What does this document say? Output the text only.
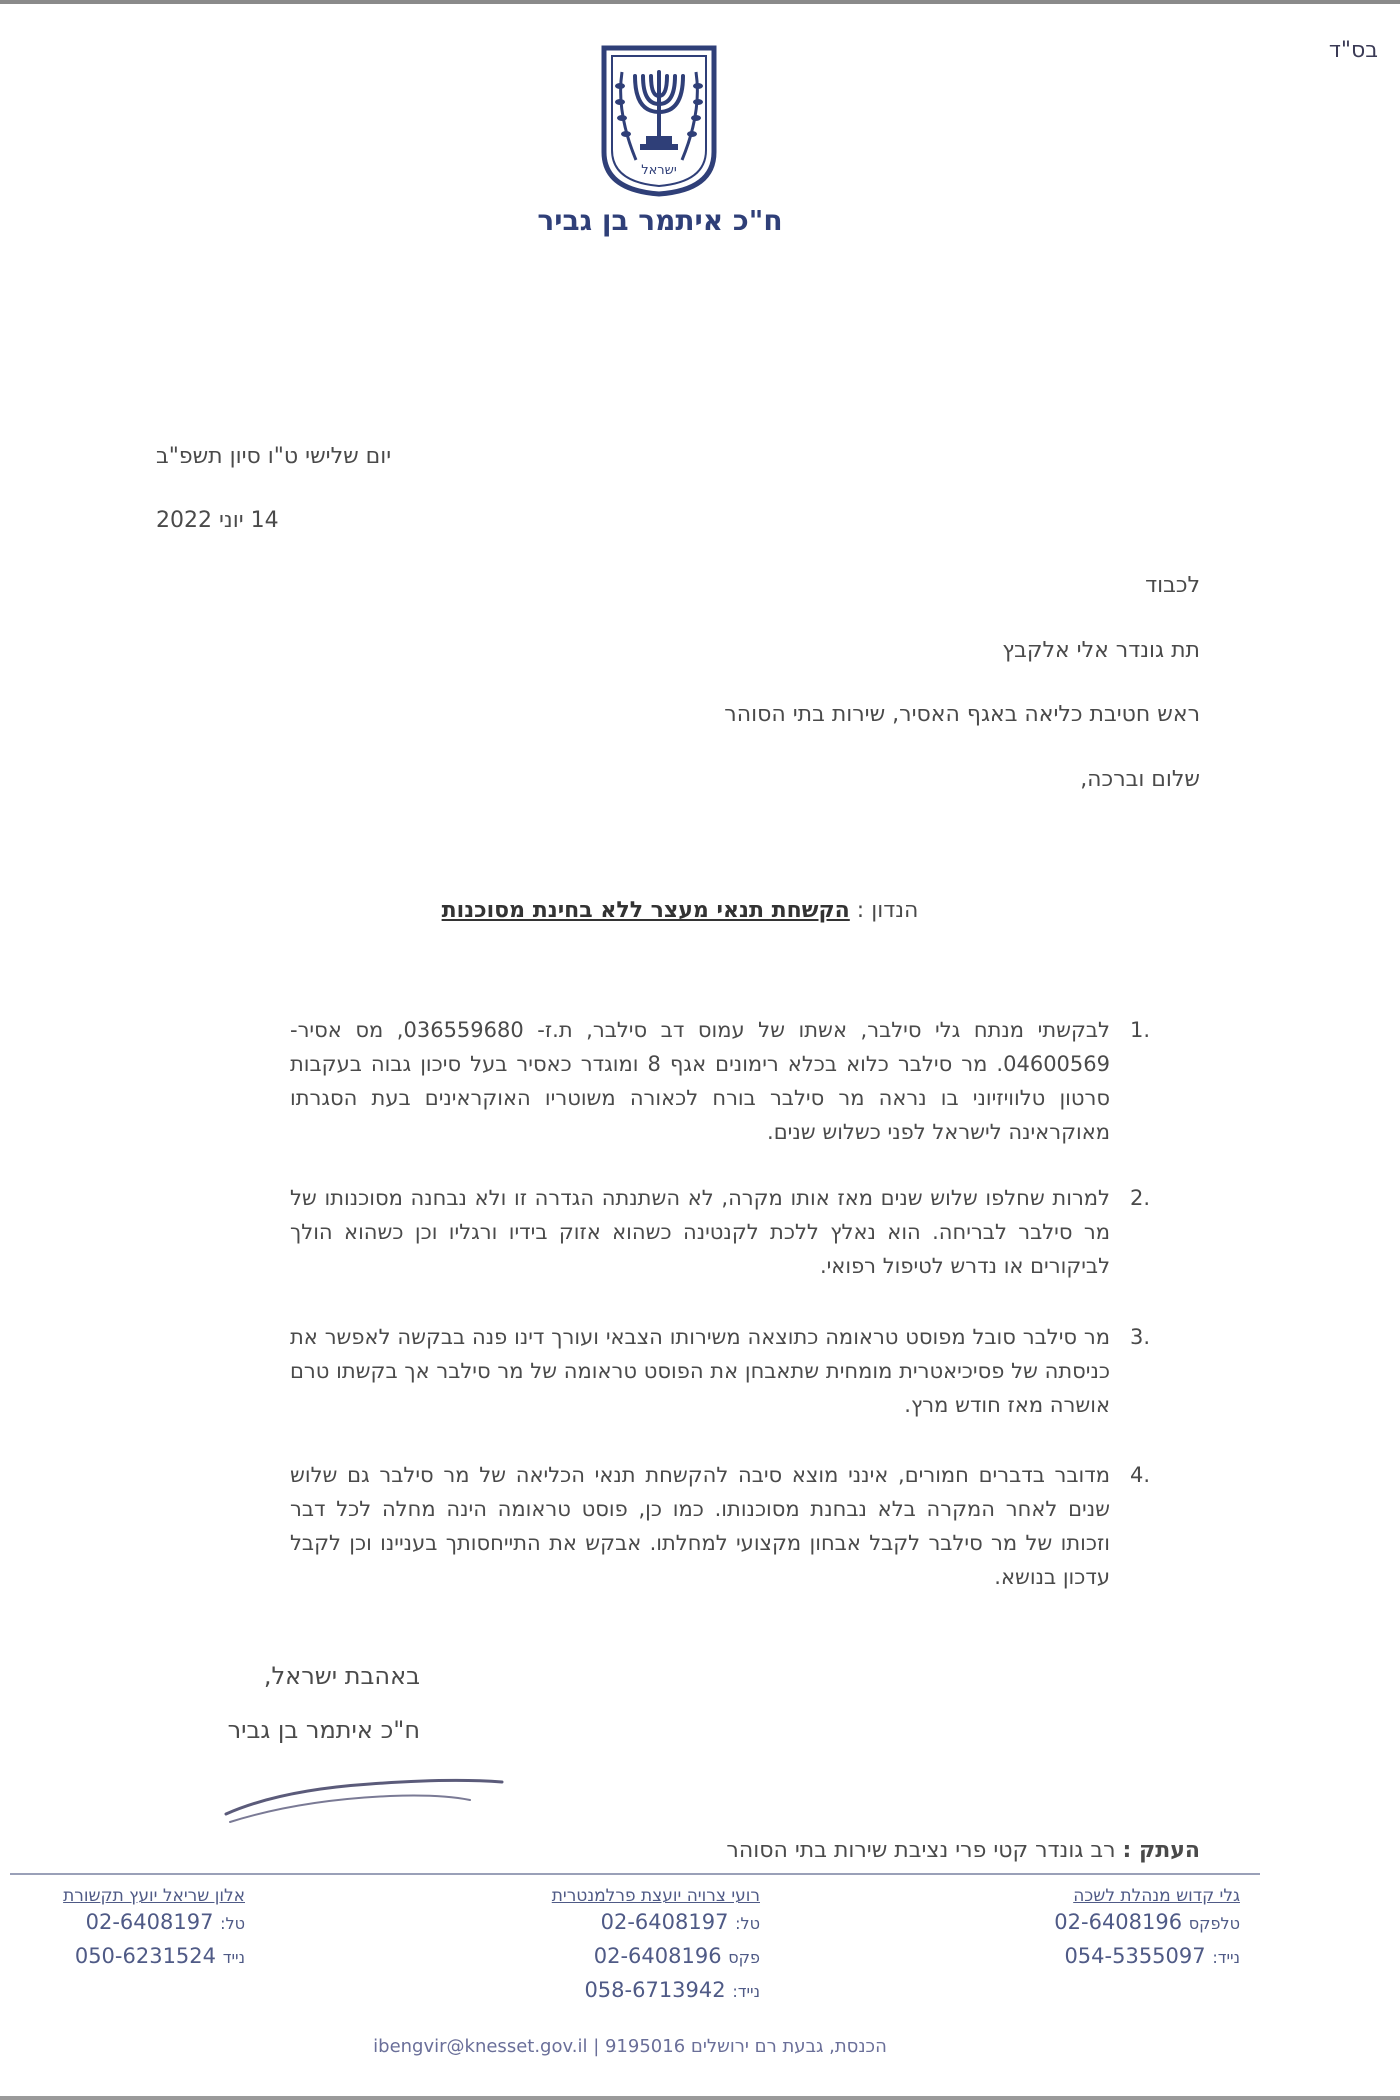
בס"ד
ישראל
ח"כ איתמר בן גביר
יום שלישי ט"ו סיון תשפ"ב
14 יוני 2022
לכבוד
תת גונדר אלי אלקבץ
ראש חטיבת כליאה באגף האסיר, שירות בתי הסוהר
שלום וברכה,
הנדון : הקשחת תנאי מעצר ללא בחינת מסוכנות
1.
לבקשתי מנתח גלי סילבר, אשתו של עמוס דב סילבר, ת.ז- 036559680, מס אסיר- 04600569. מר סילבר כלוא בכלא רימונים אגף 8 ומוגדר כאסיר בעל סיכון גבוה בעקבות סרטון טלוויזיוני בו נראה מר סילבר בורח לכאורה משוטריו האוקראינים בעת הסגרתו מאוקראינה לישראל לפני כשלוש שנים.
2.
למרות שחלפו שלוש שנים מאז אותו מקרה, לא השתנתה הגדרה זו ולא נבחנה מסוכנותו של מר סילבר לבריחה. הוא נאלץ ללכת לקנטינה כשהוא אזוק בידיו ורגליו וכן כשהוא הולך לביקורים או נדרש לטיפול רפואי.
3.
מר סילבר סובל מפוסט טראומה כתוצאה משירותו הצבאי ועורך דינו פנה בבקשה לאפשר את כניסתה של פסיכיאטרית מומחית שתאבחן את הפוסט טראומה של מר סילבר אך בקשתו טרם אושרה מאז חודש מרץ.
4.
מדובר בדברים חמורים, אינני מוצא סיבה להקשחת תנאי הכליאה של מר סילבר גם שלוש שנים לאחר המקרה בלא נבחנת מסוכנותו. כמו כן, פוסט טראומה הינה מחלה לכל דבר וזכותו של מר סילבר לקבל אבחון מקצועי למחלתו. אבקש את התייחסותך בעניינו וכן לקבל עדכון בנושא.
באהבת ישראל,
ח"כ איתמר בן גביר
העתק : רב גונדר קטי פרי נציבת שירות בתי הסוהר
גלי קדוש מנהלת לשכה
טלפקס 02-6408196
נייד: 054-5355097
רועי צרויה יועצת פרלמנטרית
טל: 02-6408197
פקס 02-6408196
נייד: 058-6713942
אלון שריאל יועץ תקשורת
טל: 02-6408197
נייד 050-6231524
הכנסת, גבעת רם ירושלים 9195016 | ibengvir@knesset.gov.il
